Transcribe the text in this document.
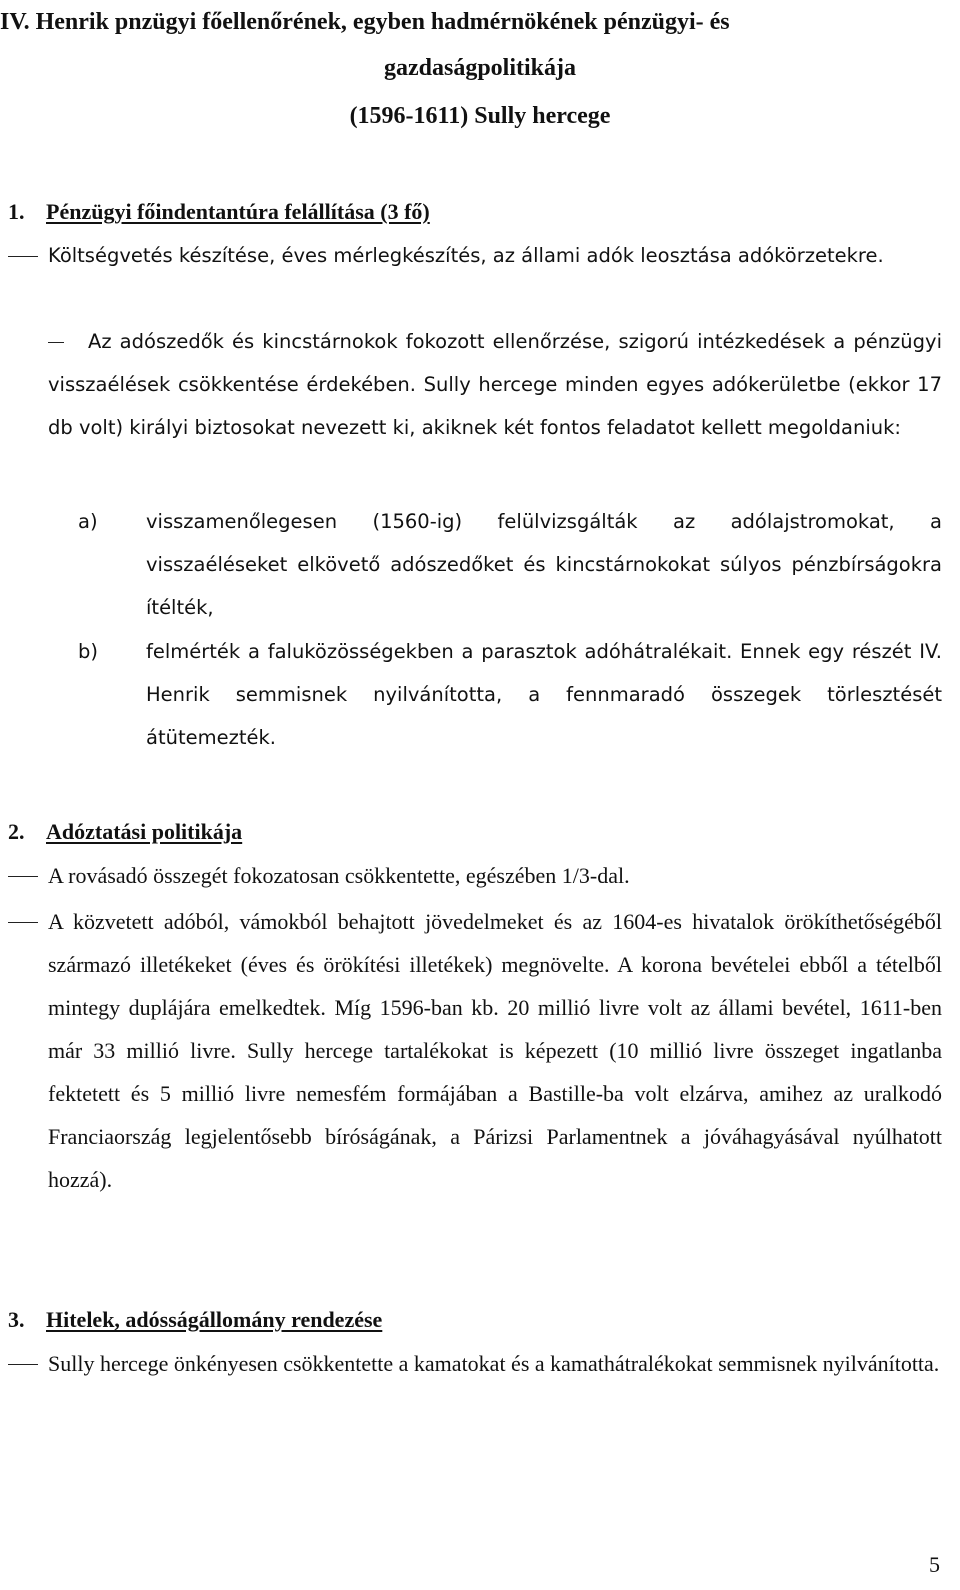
IV. Henrik pnzügyi főellenőrének, egyben hadmérnökének pénzügyi- és
gazdaságpolitikája
(1596-1611) Sully hercege
1. Pénzügyi főindentantúra felállítása (3 fő)
Költségvetés készítése, éves mérlegkészítés, az állami adók leosztása adókörzetekre.
Az adószedők és kincstárnokok fokozott ellenőrzése, szigorú intézkedések a pénzügyi visszaélések csökkentése érdekében. Sully hercege minden egyes adókerületbe (ekkor 17 db volt) királyi biztosokat nevezett ki, akiknek két fontos feladatot kellett megoldaniuk:
a) visszamenőlegesen (1560-ig) felülvizsgálták az adólajstromokat, a visszaéléseket elkövető adószedőket és kincstárnokokat súlyos pénzbírságokra ítélték,
b) felmérték a faluközösségekben a parasztok adóhátralékait. Ennek egy részét IV. Henrik semmisnek nyilvánította, a fennmaradó összegek törlesztését átütemezték.
2. Adóztatási politikája
A rovásadó összegét fokozatosan csökkentette, egészében 1/3-dal.
A közvetett adóból, vámokból behajtott jövedelmeket és az 1604-es hivatalok örökíthetőségéből származó illetékeket (éves és örökítési illetékek) megnövelte. A korona bevételei ebből a tételből mintegy duplájára emelkedtek. Míg 1596-ban kb. 20 millió livre volt az állami bevétel, 1611-ben már 33 millió livre. Sully hercege tartalékokat is képezett (10 millió livre összeget ingatlanba fektetett és 5 millió livre nemesfém formájában a Bastille-ba volt elzárva, amihez az uralkodó Franciaország legjelentősebb bíróságának, a Párizsi Parlamentnek a jóváhagyásával nyúlhatott hozzá).
3. Hitelek, adósságállomány rendezése
Sully hercege önkényesen csökkentette a kamatokat és a kamathátralékokat semmisnek nyilvánította.
5
